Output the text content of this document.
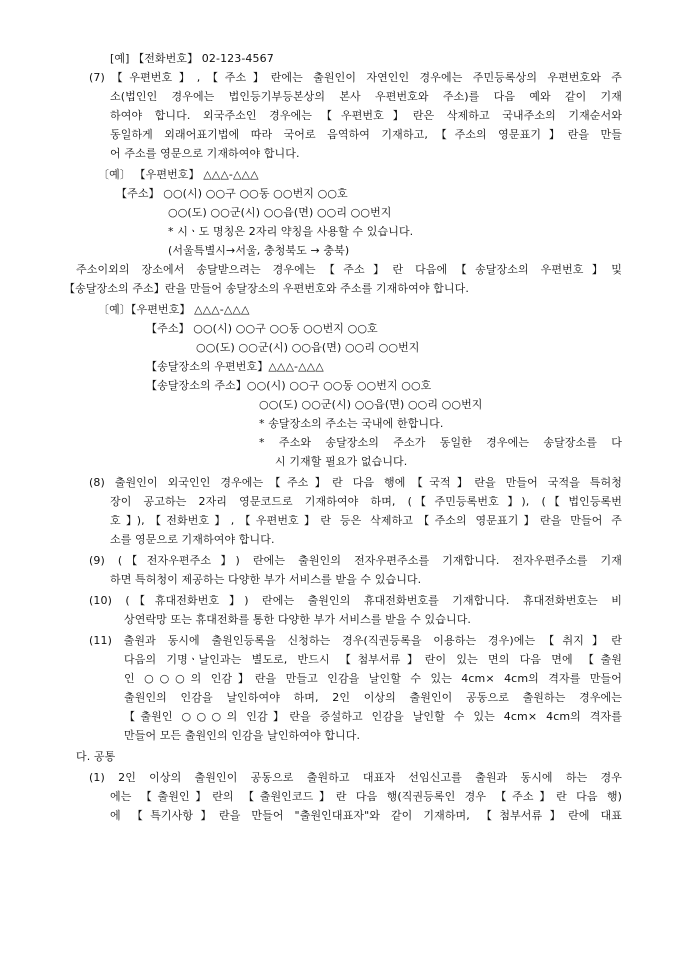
[예] 【전화번호】 02-123-4567

(7)【우편번호】,【주소】란에는 출원인이 자연인인 경우에는 주민등록상의 우편번호와 주

소(법인인 경우에는 법인등기부등본상의 본사 우편번호와 주소)를 다음 예와 같이 기재

하여야 합니다. 외국주소인 경우에는【우편번호】란은 삭제하고 국내주소의 기재순서와

동일하게 외래어표기법에 따라 국어로 음역하여 기재하고,【주소의 영문표기】란을 만들

어 주소를 영문으로 기재하여야 합니다.

〔예〕 【우편번호】 △△△-△△△

【주소】 ○○(시) ○○구 ○○동 ○○번지 ○○호

○○(도) ○○군(시) ○○읍(면) ○○리 ○○번지

* 시ㆍ도 명칭은 2자리 약칭을 사용할 수 있습니다.

(서울특별시→서울, 충청북도 → 충북)

주소이외의 장소에서 송달받으려는 경우에는【주소】란 다음에【송달장소의 우편번호】및

【송달장소의 주소】란을 만들어 송달장소의 우편번호와 주소를 기재하여야 합니다.

〔예〕【우편번호】 △△△-△△△

【주소】 ○○(시) ○○구 ○○동 ○○번지 ○○호

○○(도) ○○군(시) ○○읍(면) ○○리 ○○번지

【송달장소의 우편번호】△△△-△△△

【송달장소의 주소】○○(시) ○○구 ○○동 ○○번지 ○○호

○○(도) ○○군(시) ○○읍(면) ○○리 ○○번지

* 송달장소의 주소는 국내에 한합니다.

* 주소와 송달장소의 주소가 동일한 경우에는 송달장소를 다

시 기재할 필요가 없습니다.

(8) 출원인이 외국인인 경우에는【주소】란 다음 행에【국적】란을 만들어 국적을 특허청

장이 공고하는 2자리 영문코드로 기재하여야 하며, (【주민등록번호】), (【법인등록번

호】),【전화번호】,【우편번호】란 등은 삭제하고【주소의 영문표기】란을 만들어 주

소를 영문으로 기재하여야 합니다.

(9) (【전자우편주소】) 란에는 출원인의 전자우편주소를 기재합니다. 전자우편주소를 기재

하면 특허청이 제공하는 다양한 부가 서비스를 받을 수 있습니다.

(10) (【휴대전화번호】) 란에는 출원인의 휴대전화번호를 기재합니다. 휴대전화번호는 비

상연락망 또는 휴대전화를 통한 다양한 부가 서비스를 받을 수 있습니다.

(11) 출원과 동시에 출원인등록을 신청하는 경우(직권등록을 이용하는 경우)에는【취지】란

다음의 기명ㆍ날인과는 별도로, 반드시 【첨부서류】란이 있는 면의 다음 면에 【출원

인 ○○○의 인감】란을 만들고 인감을 날인할 수 있는 4cm× 4cm의 격자를 만들어

출원인의 인감을 날인하여야 하며, 2인 이상의 출원인이 공동으로 출원하는 경우에는

【출원인 ○○○의 인감】란을 증설하고 인감을 날인할 수 있는 4cm× 4cm의 격자를

만들어 모든 출원인의 인감을 날인하여야 합니다.

다. 공통

(1) 2인 이상의 출원인이 공동으로 출원하고 대표자 선임신고를 출원과 동시에 하는 경우

에는 【출원인】란의 【출원인코드】란 다음 행(직권등록인 경우 【주소】란 다음 행)

에 【특기사항】란을 만들어 "출원인대표자"와 같이 기재하며, 【첨부서류】란에 대표
